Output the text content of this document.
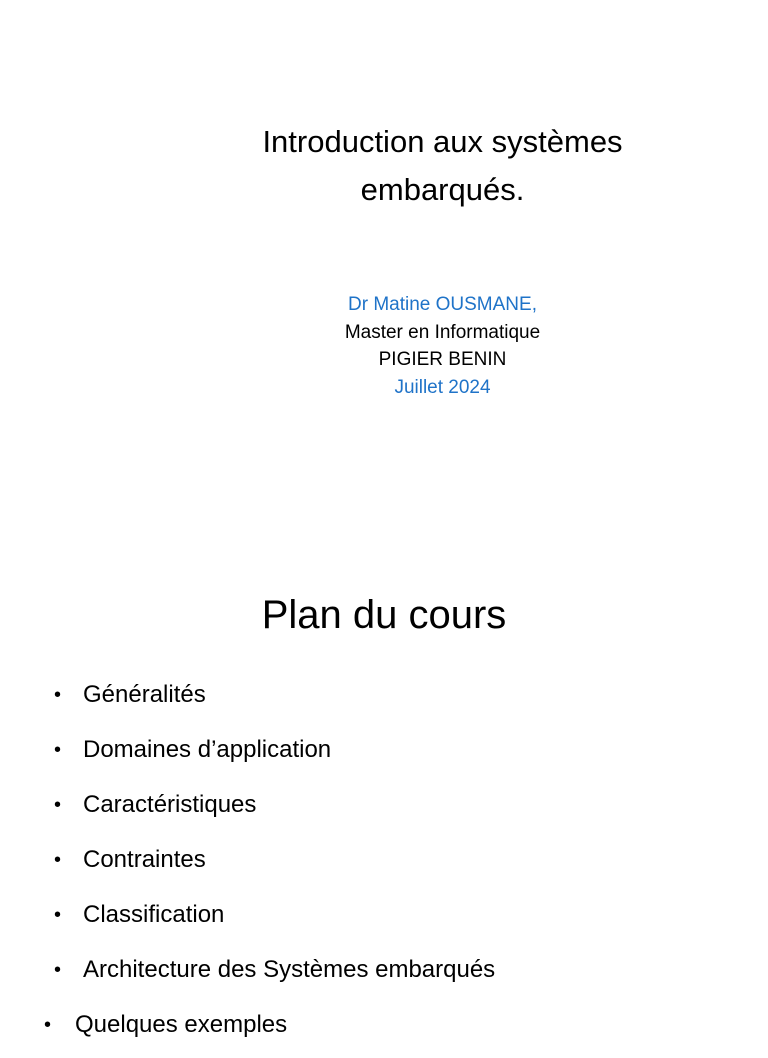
Introduction aux systèmes
embarqués.
Dr Matine OUSMANE,
Master en Informatique
PIGIER BENIN
Juillet 2024
Plan du cours
• Généralités
• Domaines d’application
• Caractéristiques
• Contraintes
• Classification
• Architecture des Systèmes embarqués
• Quelques exemples
